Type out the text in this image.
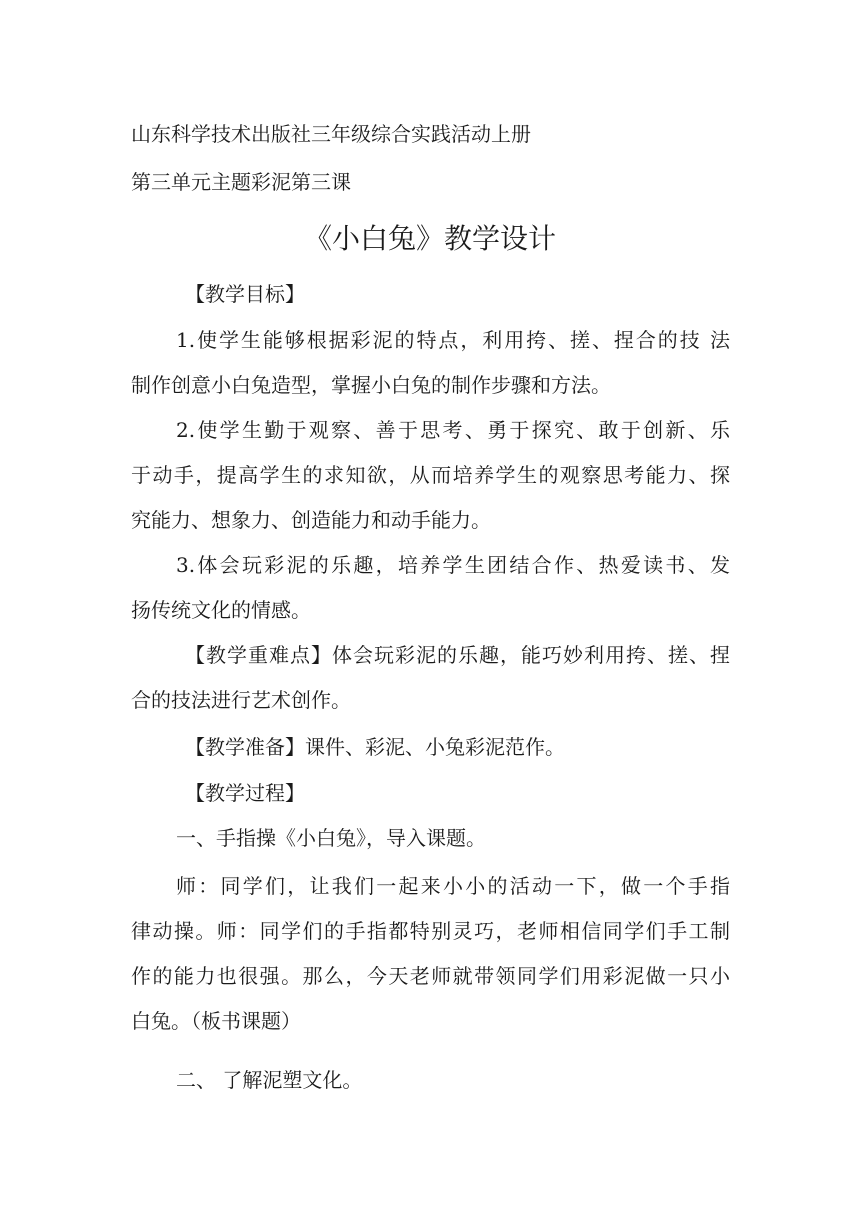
山东科学技术出版社三年级综合实践活动上册
第三单元主题彩泥第三课
《小白兔》教学设计
【教学目标】
1.使学生能够根据彩泥的特点，利用挎、搓、捏合的技 法
制作创意小白兔造型，掌握小白兔的制作步骤和方法。
2.使学生勤于观察、善于思考、勇于探究、敢于创新、乐
于动手，提高学生的求知欲，从而培养学生的观察思考能力、探
究能力、想象力、创造能力和动手能力。
3.体会玩彩泥的乐趣，培养学生团结合作、热爱读书、发
扬传统文化的情感。
【教学重难点】体会玩彩泥的乐趣，能巧妙利用挎、搓、捏
合的技法进行艺术创作。
【教学准备】课件、彩泥、小兔彩泥范作。
【教学过程】
一、手指操《小白兔》，导入课题。
师：同学们，让我们一起来小小的活动一下，做一个手指
律动操。师：同学们的手指都特别灵巧，老师相信同学们手工制
作的能力也很强。那么，今天老师就带领同学们用彩泥做一只小
白兔。（板书课题）
二、 了解泥塑文化。
